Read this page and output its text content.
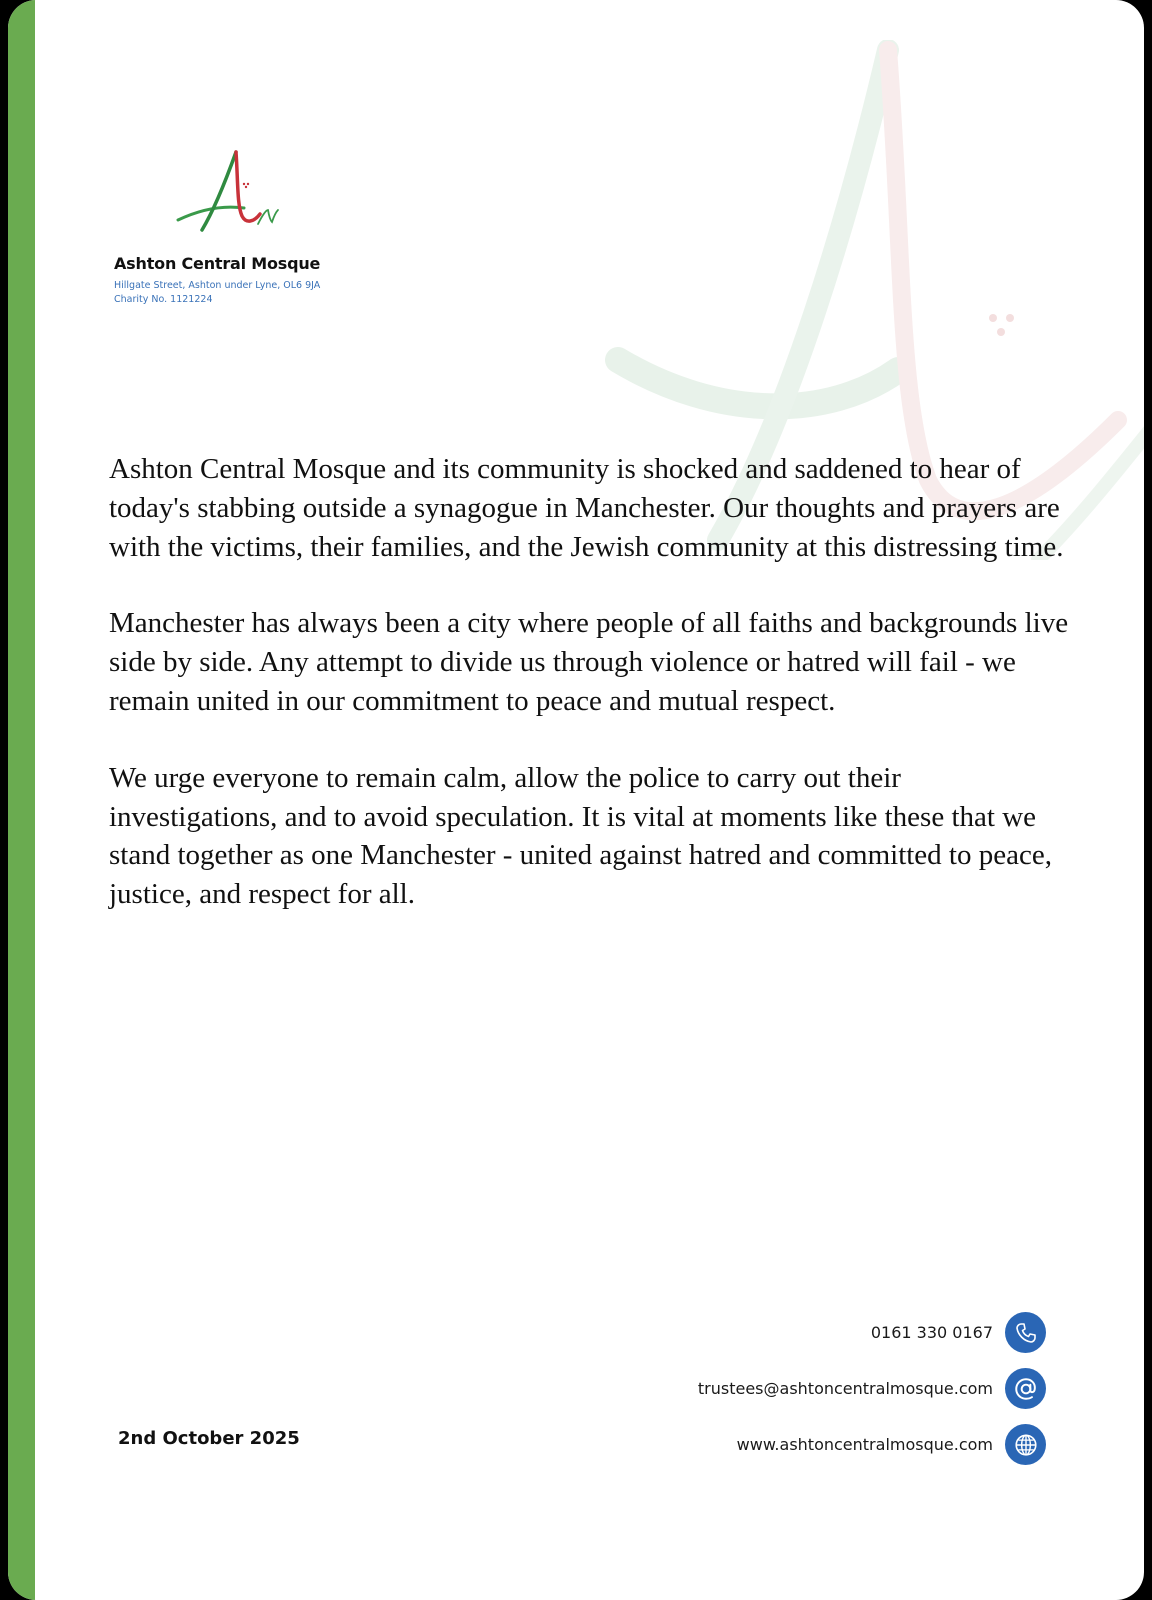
Ashton Central Mosque
Hillgate Street, Ashton under Lyne, OL6 9JA
Charity No. 1121224

Ashton Central Mosque and its community is shocked and saddened to hear of today's stabbing outside a synagogue in Manchester. Our thoughts and prayers are with the victims, their families, and the Jewish community at this distressing time.

Manchester has always been a city where people of all faiths and backgrounds live side by side. Any attempt to divide us through violence or hatred will fail - we remain united in our commitment to peace and mutual respect.

We urge everyone to remain calm, allow the police to carry out their investigations, and to avoid speculation. It is vital at moments like these that we stand together as one Manchester - united against hatred and committed to peace, justice, and respect for all.

2nd October 2025
0161 330 0167
trustees@ashtoncentralmosque.com
www.ashtoncentralmosque.com
